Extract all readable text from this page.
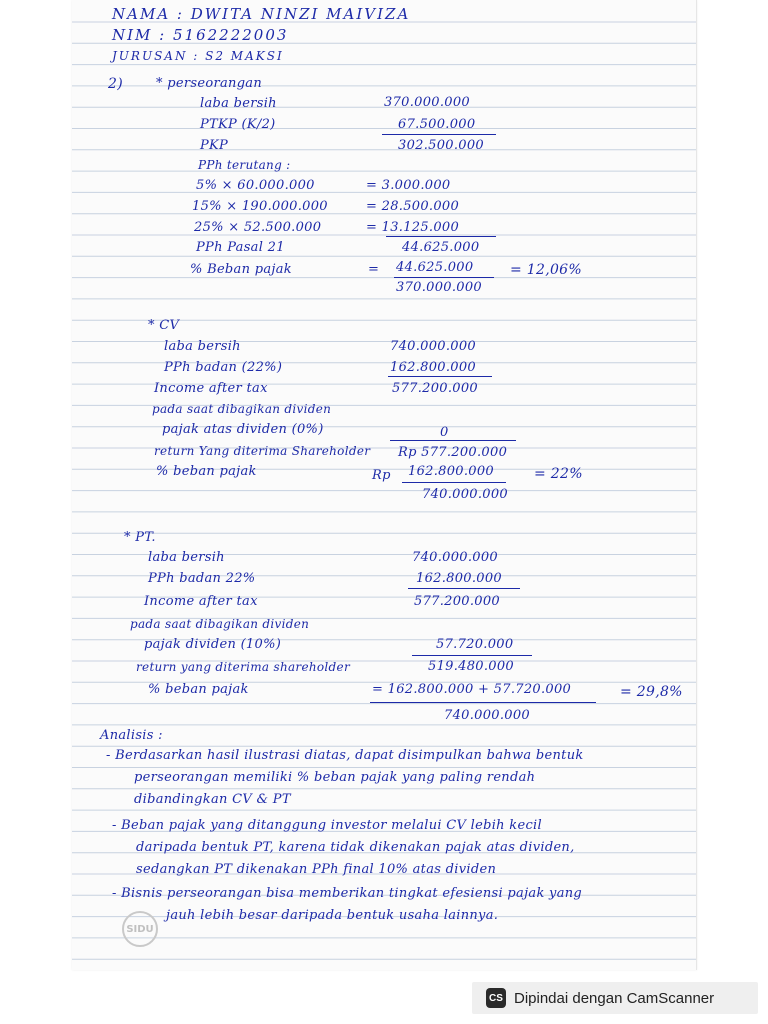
NAMA : DWITA NINZI MAIVIZA
NIM : 5162222003
JURUSAN : S2 MAKSI
2)	* perseorangan
laba bersih	370.000.000
PTKP (K/2)	67.500.000
PKP	302.500.000
PPh terutang :
5% × 60.000.000	= 3.000.000
15% × 190.000.000	= 28.500.000
25% × 52.500.000	= 13.125.000
PPh Pasal 21	44.625.000
% Beban pajak	= 44.625.000
370.000.000
= 12,06%
* CV
laba bersih	740.000.000
PPh badan (22%)	162.800.000
Income after tax	577.200.000
pada saat dibagikan dividen
pajak atas dividen (0%)	0
return Yang diterima Shareholder Rp 577.200.000
% beban pajak	Rp 162.800.000
740.000.000
= 22%
* PT.
laba bersih	740.000.000
PPh badan 22%	162.800.000
Income after tax	577.200.000
pada saat dibagikan dividen
pajak dividen (10%)	57.720.000
return yang diterima shareholder	519.480.000
% beban pajak	= 162.800.000 + 57.720.000
740.000.000
= 29,8%
Analisis :
- Berdasarkan hasil ilustrasi diatas, dapat disimpulkan bahwa bentuk
perseorangan memiliki % beban pajak yang paling rendah
dibandingkan CV & PT
- Beban pajak yang ditanggung investor melalui CV lebih kecil
daripada bentuk PT, karena tidak dikenakan pajak atas dividen,
sedangkan PT dikenakan PPh final 10% atas dividen
- Bisnis perseorangan bisa memberikan tingkat efesiensi pajak yang
jauh lebih besar daripada bentuk usaha lainnya.
SIDU
CS Dipindai dengan CamScanner
